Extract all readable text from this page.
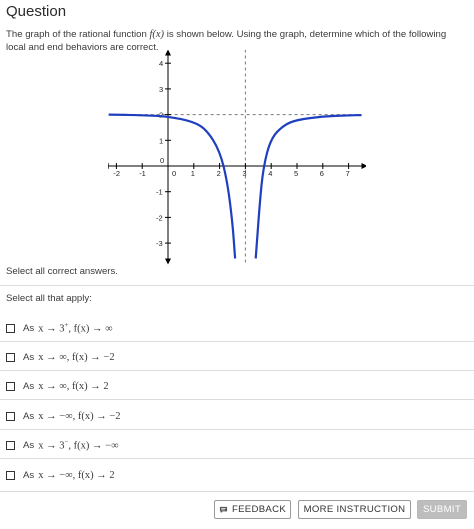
Question
The graph of the rational function f(x) is shown below. Using the graph, determine which of the following local and end behaviors are correct.
-2	-1	0 1	2	3	4	5	6	7
-3
-2
-1
0
1
2
3
4
Select all correct answers.
Select all that apply:
As x → 3+, f(x) → ∞
As x → ∞, f(x) → −2
As x → ∞, f(x) → 2
As x → −∞, f(x) → −2
As x → 3−, f(x) → −∞
As x → −∞, f(x) → 2
FEEDBACK MORE INSTRUCTION SUBMIT
